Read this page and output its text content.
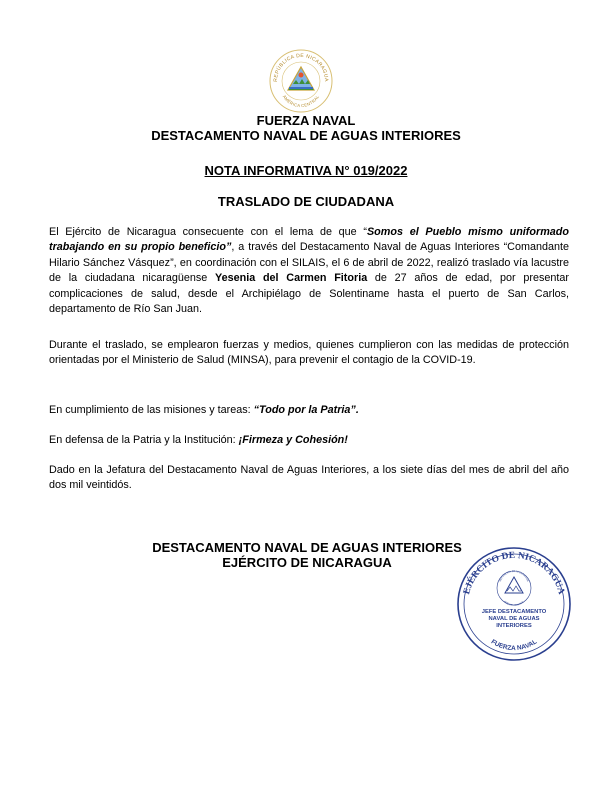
REPÚBLICA DE NICARAGUA
AMÉRICA CENTRAL
FUERZA NAVAL
DESTACAMENTO NAVAL DE AGUAS INTERIORES
NOTA INFORMATIVA N° 019/2022
TRASLADO DE CIUDADANA
El Ejército de Nicaragua consecuente con el lema de que “Somos el Pueblo mismo uniformado trabajando en su propio beneficio”, a través del Destacamento Naval de Aguas Interiores “Comandante Hilario Sánchez Vásquez”, en coordinación con el SILAIS, el 6 de abril de 2022, realizó traslado vía lacustre de la ciudadana nicaragüense Yesenia del Carmen Fitoria de 27 años de edad, por presentar complicaciones de salud, desde el Archipiélago de Solentiname hasta el puerto de San Carlos, departamento de Río San Juan.
Durante el traslado, se emplearon fuerzas y medios, quienes cumplieron con las medidas de protección orientadas por el Ministerio de Salud (MINSA), para prevenir el contagio de la COVID-19.
En cumplimiento de las misiones y tareas: “Todo por la Patria”.
En defensa de la Patria y la Institución: ¡Firmeza y Cohesión!
Dado en la Jefatura del Destacamento Naval de Aguas Interiores, a los siete días del mes de abril del año dos mil veintidós.
DESTACAMENTO NAVAL DE AGUAS INTERIORES
EJÉRCITO DE NICARAGUA
EJÉRCITO DE NICARAGUA
FUERZA NAVAL
REPÚBLICA DE NICARAGUA
AMÉRICA CENTRAL
JEFE DESTACAMENTO
NAVAL DE AGUAS
INTERIORES
